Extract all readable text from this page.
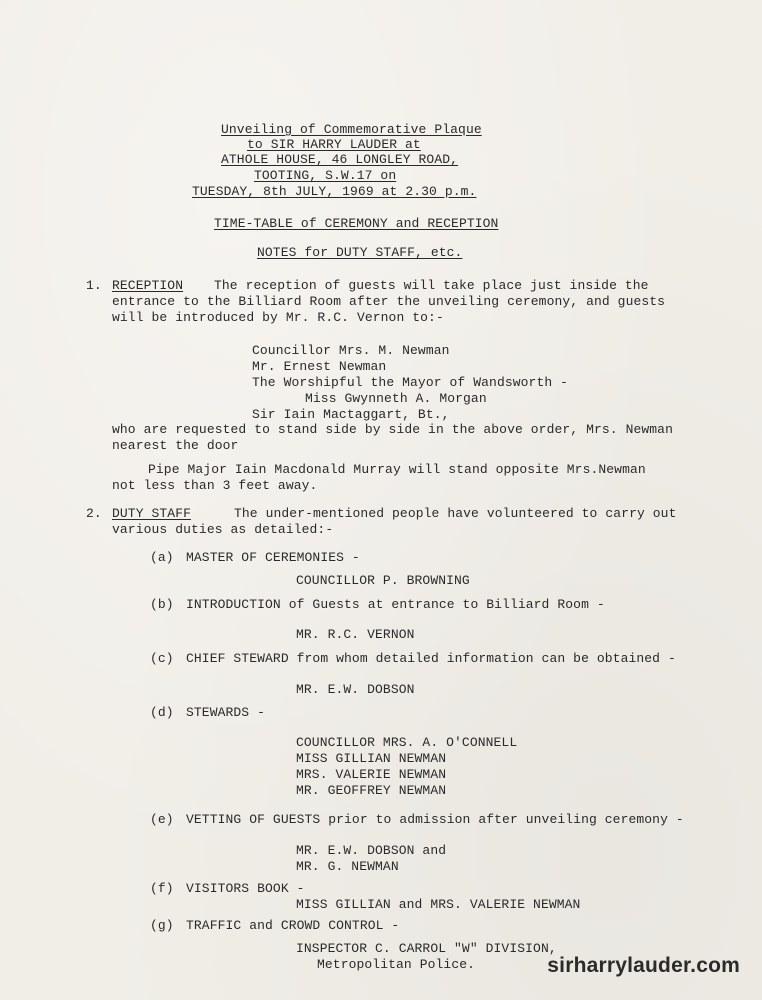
Unveiling of Commemorative Plaque
to SIR HARRY LAUDER at
ATHOLE HOUSE, 46 LONGLEY ROAD,
TOOTING, S.W.17 on
TUESDAY, 8th JULY, 1969 at 2.30 p.m.
TIME-TABLE of CEREMONY and RECEPTION
NOTES for DUTY STAFF, etc.
1. RECEPTION The reception of guests will take place just inside the
entrance to the Billiard Room after the unveiling ceremony, and guests
will be introduced by Mr. R.C. Vernon to:-
Councillor Mrs. M. Newman
Mr. Ernest Newman
The Worshipful the Mayor of Wandsworth -
Miss Gwynneth A. Morgan
Sir Iain Mactaggart, Bt.,
who are requested to stand side by side in the above order, Mrs. Newman
nearest the door
Pipe Major Iain Macdonald Murray will stand opposite Mrs.Newman
not less than 3 feet away.
2. DUTY STAFF	The under-mentioned people have volunteered to carry out
various duties as detailed:-
(a) MASTER OF CEREMONIES -
COUNCILLOR P. BROWNING
(b) INTRODUCTION of Guests at entrance to Billiard Room -
MR. R.C. VERNON
(c) CHIEF STEWARD from whom detailed information can be obtained -
MR. E.W. DOBSON
(d) STEWARDS -
COUNCILLOR MRS. A. O'CONNELL
MISS GILLIAN NEWMAN
MRS. VALERIE NEWMAN
MR. GEOFFREY NEWMAN
(e) VETTING OF GUESTS prior to admission after unveiling ceremony -
MR. E.W. DOBSON and
MR. G. NEWMAN
(f) VISITORS BOOK -
MISS GILLIAN and MRS. VALERIE NEWMAN
(g) TRAFFIC and CROWD CONTROL -
INSPECTOR C. CARROL "W" DIVISION,
Metropolitan Police.	sirharrylauder.com
